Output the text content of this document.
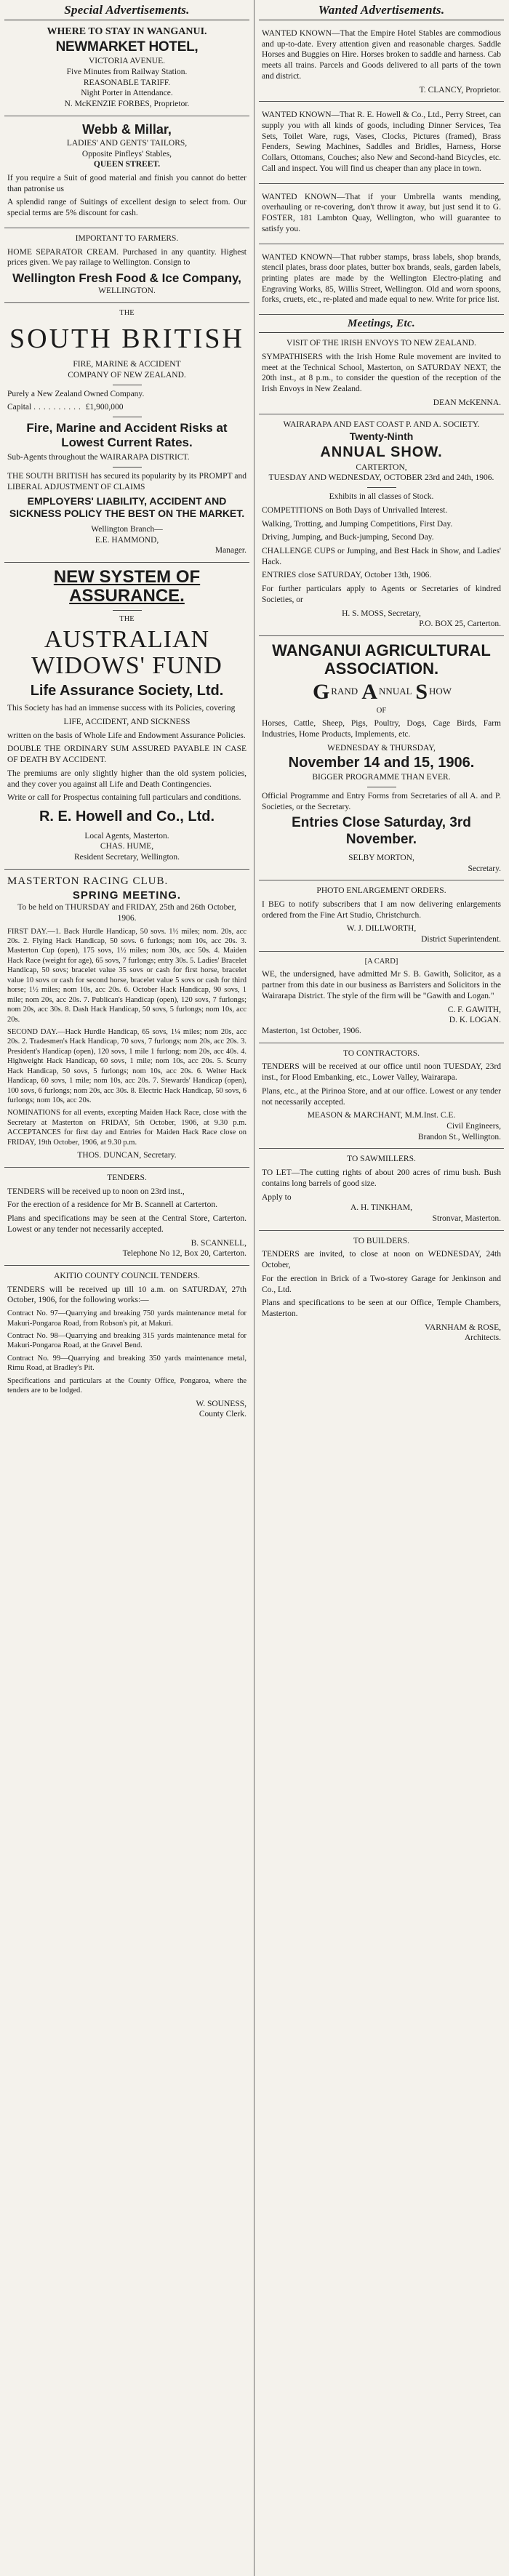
Special Advertisements.
WHERE TO STAY IN WANGANUI.
NEWMARKET HOTEL,
VICTORIA AVENUE.
Five Minutes from Railway Station.
REASONABLE TARIFF.
Night Porter in Attendance.
N. McKENZIE FORBES, Proprietor.
Webb & Millar,
LADIES' AND GENTS' TAILORS,
Opposite Pinfleys' Stables,
QUEEN STREET.

If you require a Suit of good material and finish you cannot do better than patronise us

A splendid range of Suitings of excellent design to select from. Our special terms are 5% discount for cash.

IMPORTANT TO FARMERS.

HOME SEPARATOR CREAM. Purchased in any quantity. Highest prices given. We pay railage to Wellington. Consign to

Wellington Fresh Food & Ice Company,
WELLINGTON.
THE
SOUTH BRITISH
FIRE, MARINE & ACCIDENT
COMPANY OF NEW ZEALAND.

Purely a New Zealand Owned Company.

Capital .......... £1,900,000
Fire, Marine and Accident Risks at Lowest Current Rates.

Sub-Agents throughout the WAIRARAPA DISTRICT.

THE SOUTH BRITISH has secured its popularity by its PROMPT and LIBERAL ADJUSTMENT OF CLAIMS

EMPLOYERS' LIABILITY, ACCIDENT AND SICKNESS POLICY THE BEST ON THE MARKET.
Wellington Branch—
E.E. HAMMOND,
Manager.
NEW SYSTEM OF ASSURANCE.
THE
AUSTRALIAN WIDOWS' FUND
Life Assurance Society, Ltd.

This Society has had an immense success with its Policies, covering

LIFE, ACCIDENT, AND SICKNESS

written on the basis of Whole Life and Endowment Assurance Policies.

DOUBLE THE ORDINARY SUM ASSURED PAYABLE IN CASE OF DEATH BY ACCIDENT.

The premiums are only slightly higher than the old system policies, and they cover you against all Life and Death Contingencies.

Write or call for Prospectus containing full particulars and conditions.

R. E. Howell and Co., Ltd.
Local Agents, Masterton.
CHAS. HUME,
Resident Secretary, Wellington.
MASTERTON RACING CLUB.
SPRING MEETING.
To be held on THURSDAY and FRIDAY, 25th and 26th October, 1906.

FIRST DAY.—1. Back Hurdle Handicap, 50 sovs. 1½ miles; nom. 20s, acc 20s. 2. Flying Hack Handicap, 50 sovs. 6 furlongs; nom 10s, acc 20s. 3. Masterton Cup (open), 175 sovs, 1½ miles; nom 30s, acc 50s. 4. Maiden Hack Race (weight for age), 65 sovs, 7 furlongs; entry 30s. 5. Ladies' Bracelet Handicap, 50 sovs; bracelet value 35 sovs or cash for first horse, bracelet value 10 sovs or cash for second horse, bracelet value 5 sovs or cash for third horse; 1½ miles; nom 10s, acc 20s. 6. October Hack Handicap, 90 sovs, 1 mile; nom 20s, acc 20s. 7. Publican's Handicap (open), 120 sovs, 7 furlongs; nom 20s, acc 30s. 8. Dash Hack Handicap, 50 sovs, 5 furlongs; nom 10s, acc 20s.

SECOND DAY.—Hack Hurdle Handicap, 65 sovs, 1¼ miles; nom 20s, acc 20s. 2. Tradesmen's Hack Handicap, 70 sovs, 7 furlongs; nom 20s, acc 20s. 3. President's Handicap (open), 120 sovs, 1 mile 1 furlong; nom 20s, acc 40s. 4. Highweight Hack Handicap, 60 sovs, 1 mile; nom 10s, acc 20s. 5. Scurry Hack Handicap, 50 sovs, 5 furlongs; nom 10s, acc 20s. 6. Welter Hack Handicap, 60 sovs, 1 mile; nom 10s, acc 20s. 7. Stewards' Handicap (open), 100 sovs, 6 furlongs; nom 20s, acc 30s. 8. Electric Hack Handicap, 50 sovs, 6 furlongs; nom 10s, acc 20s.

NOMINATIONS for all events, excepting Maiden Hack Race, close with the Secretary at Masterton on FRIDAY, 5th October, 1906, at 9.30 p.m. ACCEPTANCES for first day and Entries for Maiden Hack Race close on FRIDAY, 19th October, 1906, at 9.30 p.m.

THOS. DUNCAN, Secretary.
TENDERS.

TENDERS will be received up to noon on 23rd inst.,

For the erection of a residence for Mr B. Scannell at Carterton.

Plans and specifications may be seen at the Central Store, Carterton. Lowest or any tender not necessarily accepted.

B. SCANNELL,
Telephone No 12, Box 20, Carterton.
AKITIO COUNTY COUNCIL TENDERS.

TENDERS will be received up till 10 a.m. on SATURDAY, 27th October, 1906, for the following works:—

Contract No. 97—Quarrying and breaking 750 yards maintenance metal for Makuri-Pongaroa Road, from Robson's pit, at Makuri.

Contract No. 98—Quarrying and breaking 315 yards maintenance metal for Makuri-Pongaroa Road, at the Gravel Bend.

Contract No. 99—Quarrying and breaking 350 yards maintenance metal, Rimu Road, at Bradley's Pit.

Specifications and particulars at the County Office, Pongaroa, where the tenders are to be lodged.

W. SOUNESS,
County Clerk.
Wanted Advertisements.

WANTED KNOWN—That the Empire Hotel Stables are commodious and up-to-date. Every attention given and reasonable charges. Saddle Horses and Buggies on Hire. Horses broken to saddle and harness. Cab meets all trains. Parcels and Goods delivered to all parts of the town and district.

T. CLANCY, Proprietor.

WANTED KNOWN—That R. E. Howell & Co., Ltd., Perry Street, can supply you with all kinds of goods, including Dinner Services, Tea Sets, Toilet Ware, rugs, Vases, Clocks, Pictures (framed), Brass Fenders, Sewing Machines, Saddles and Bridles, Harness, Horse Collars, Ottomans, Couches; also New and Second-hand Bicycles, etc. Call and inspect. You will find us cheaper than any place in town.

WANTED KNOWN—That if your Umbrella wants mending, overhauling or re-covering, don't throw it away, but just send it to G. FOSTER, 181 Lambton Quay, Wellington, who will guarantee to satisfy you.

WANTED KNOWN—That rubber stamps, brass labels, shop brands, stencil plates, brass door plates, butter box brands, seals, garden labels, printing plates are made by the Wellington Electro-plating and Engraving Works, 85, Willis Street, Wellington. Old and worn spoons, forks, cruets, etc., re-plated and made equal to new. Write for price list.

Meetings, Etc.
VISIT OF THE IRISH ENVOYS TO NEW ZEALAND.

SYMPATHISERS with the Irish Home Rule movement are invited to meet at the Technical School, Masterton, on SATURDAY NEXT, the 20th inst., at 8 p.m., to consider the question of the reception of the Irish Envoys in New Zealand.

DEAN McKENNA.
WAIRARAPA AND EAST COAST P. AND A. SOCIETY.
Twenty-Ninth
ANNUAL SHOW.
CARTERTON,
TUESDAY AND WEDNESDAY, OCTOBER 23rd and 24th, 1906.
Exhibits in all classes of Stock.

COMPETITIONS on Both Days of Unrivalled Interest.

Walking, Trotting, and Jumping Competitions, First Day.

Driving, Jumping, and Buck-jumping, Second Day.

CHALLENGE CUPS or Jumping, and Best Hack in Show, and Ladies' Hack.

ENTRIES close SATURDAY, October 13th, 1906.

For further particulars apply to Agents or Secretaries of kindred Societies, or

H. S. MOSS, Secretary,
P.O. BOX 25, Carterton.
WANGANUI AGRICULTURAL ASSOCIATION.
GRAND A NNUAL S HOW
OF

Horses, Cattle, Sheep, Pigs, Poultry, Dogs, Cage Birds, Farm Industries, Home Products, Implements, etc.

WEDNESDAY & THURSDAY,
November 14 and 15, 1906.
BIGGER PROGRAMME THAN EVER.

Official Programme and Entry Forms from Secretaries of all A. and P. Societies, or the Secretary.

Entries Close Saturday, 3rd November.
SELBY MORTON,
Secretary.
PHOTO ENLARGEMENT ORDERS.

I BEG to notify subscribers that I am now delivering enlargements ordered from the Fine Art Studio, Christchurch.

W. J. DILLWORTH,
District Superintendent.
[A CARD]

WE, the undersigned, have admitted Mr S. B. Gawith, Solicitor, as a partner from this date in our business as Barristers and Solicitors in the Wairarapa District. The style of the firm will be "Gawith and Logan."

C. F. GAWITH,
D. K. LOGAN.
Masterton, 1st October, 1906.
TO CONTRACTORS.

TENDERS will be received at our office until noon TUESDAY, 23rd inst., for Flood Embanking, etc., Lower Valley, Wairarapa.

Plans, etc., at the Pirinoa Store, and at our office. Lowest or any tender not necessarily accepted.

MEASON & MARCHANT, M.M.Inst. C.E.
Civil Engineers,
Brandon St., Wellington.
TO SAWMILLERS.

TO LET—The cutting rights of about 200 acres of rimu bush. Bush contains long barrels of good size.

Apply to
A. H. TINKHAM,
Stronvar, Masterton.
TO BUILDERS.

TENDERS are invited, to close at noon on WEDNESDAY, 24th October,

For the erection in Brick of a Two-storey Garage for Jenkinson and Co., Ltd.

Plans and specifications to be seen at our Office, Temple Chambers, Masterton.

VARNHAM & ROSE,
Architects.
